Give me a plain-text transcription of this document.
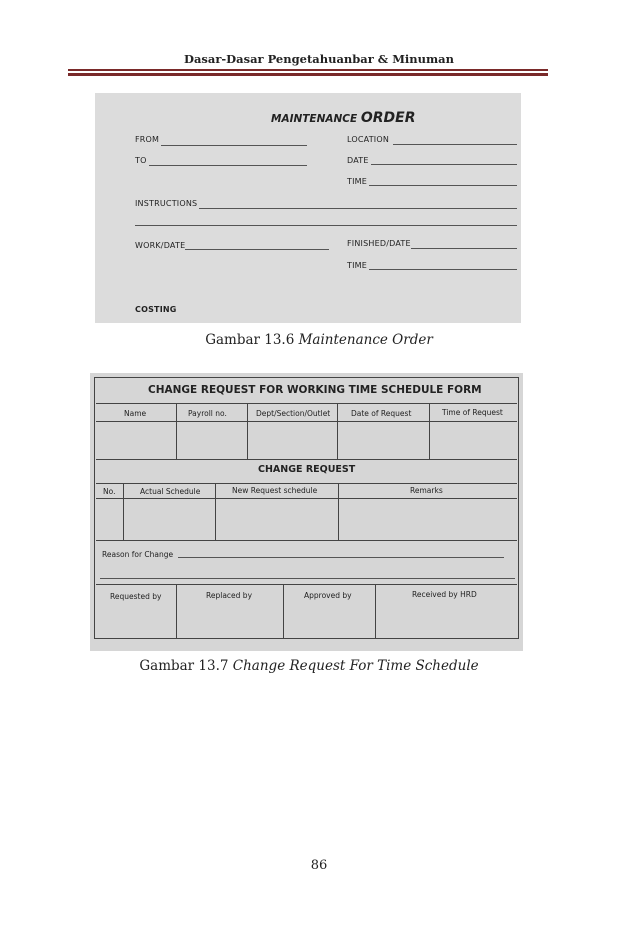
Dasar-Dasar Pengetahuanbar & Minuman
MAINTENANCE ORDER
FROM
TO
LOCATION
DATE
TIME
INSTRUCTIONS
WORK/DATE	FINISHED/DATE
TIME
COSTING
Gambar 13.6 Maintenance Order
CHANGE REQUEST FOR WORKING TIME SCHEDULE FORM
Name	Payroll no.	Dept/Section/Outlet	Date of Request	Time of Request
CHANGE REQUEST
No.	Actual Schedule	New Request schedule	Remarks
Reason for Change
Requested by	Replaced by	Approved by	Received by HRD
Gambar 13.7 Change Request For Time Schedule
86
